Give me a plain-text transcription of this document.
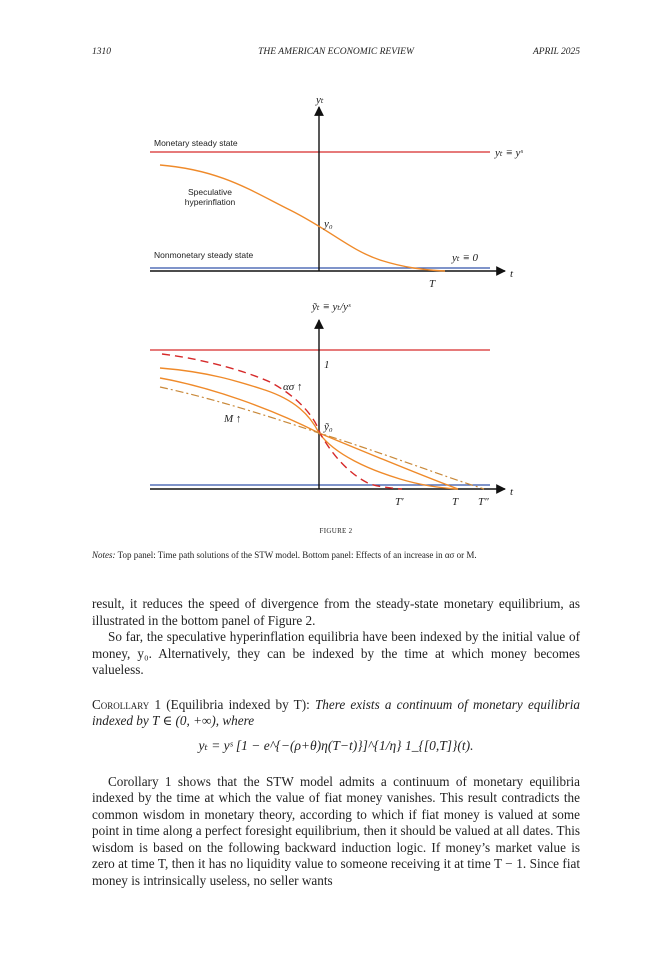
1310	THE AMERICAN ECONOMIC REVIEW	APRIL 2025
Monetary steady state
yₜ ≡ yˢ
Speculative
hyperinflation
y₀
Nonmonetary steady state	yₜ ≡ 0
yₜ
t
T
ỹₜ ≡ yₜ/yˢ
1
ασ ↑
M ↑
ỹ₀
t
T′	T T″
FIGURE 2
Notes: Top panel: Time path solutions of the STW model. Bottom panel: Effects of an increase in ασ or M.

result, it reduces the speed of divergence from the steady-state monetary equilibrium, as illustrated in the bottom panel of Figure 2.

So far, the speculative hyperinflation equilibria have been indexed by the initial value of money, y₀. Alternatively, they can be indexed by the time at which money becomes valueless.

Corollary 1 (Equilibria indexed by T): There exists a continuum of monetary equilibria indexed by T ∈ (0, +∞), where

yₜ = yˢ [1 − e^{−(ρ+θ)η(T−t)}]^{1/η} 1_{[0,T]}(t).

Corollary 1 shows that the STW model admits a continuum of monetary equilibria indexed by the time at which the value of fiat money vanishes. This result contradicts the common wisdom in monetary theory, according to which if fiat money is valued at some point in time along a perfect foresight equilibrium, then it should be valued at all dates. This wisdom is based on the following backward induction logic. If money’s market value is zero at time T, then it has no liquidity value to someone receiving it at time T − 1. Since fiat money is intrinsically useless, no seller wants
